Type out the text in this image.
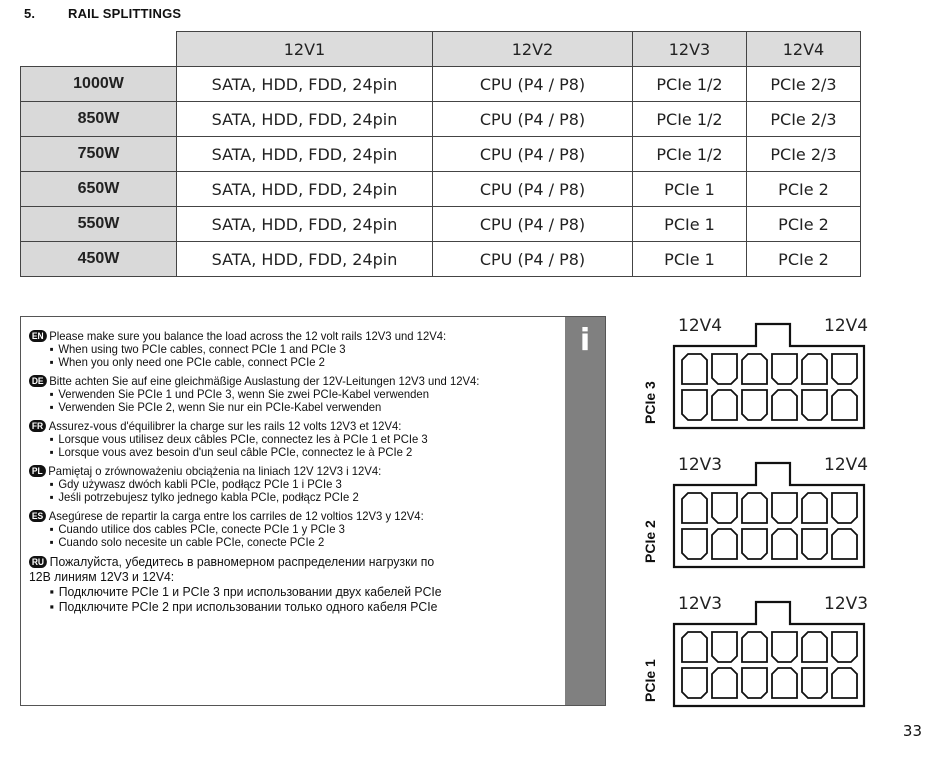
5.	RAIL SPLITTINGS
	12V1	12V2	12V3	12V4
1000W	SATA, HDD, FDD, 24pin	CPU (P4 / P8)	PCIe 1/2	PCIe 2/3
850W	SATA, HDD, FDD, 24pin	CPU (P4 / P8)	PCIe 1/2	PCIe 2/3
750W	SATA, HDD, FDD, 24pin	CPU (P4 / P8)	PCIe 1/2	PCIe 2/3
650W	SATA, HDD, FDD, 24pin	CPU (P4 / P8)	PCIe 1	PCIe 2
550W	SATA, HDD, FDD, 24pin	CPU (P4 / P8)	PCIe 1	PCIe 2
450W	SATA, HDD, FDD, 24pin	CPU (P4 / P8)	PCIe 1	PCIe 2
i
EN Please make sure you balance the load across the 12 volt rails 12V3 und 12V4:
▪ When using two PCIe cables, connect PCIe 1 and PCIe 3
▪ When you only need one PCIe cable, connect PCIe 2
DE Bitte achten Sie auf eine gleichmäßige Auslastung der 12V-Leitungen 12V3 und 12V4:
▪ Verwenden Sie PCIe 1 und PCIe 3, wenn Sie zwei PCIe-Kabel verwenden
▪ Verwenden Sie PCIe 2, wenn Sie nur ein PCIe-Kabel verwenden
FR Assurez-vous d'équilibrer la charge sur les rails 12 volts 12V3 et 12V4:
▪ Lorsque vous utilisez deux câbles PCIe, connectez les à PCIe 1 et PCIe 3
▪ Lorsque vous avez besoin d'un seul câble PCIe, connectez le à PCIe 2
PL Pamiętaj o zrównoważeniu obciążenia na liniach 12V 12V3 i 12V4:
▪ Gdy używasz dwóch kabli PCIe, podłącz PCIe 1 i PCIe 3
▪ Jeśli potrzebujesz tylko jednego kabla PCIe, podłącz PCIe 2
ES Asegúrese de repartir la carga entre los carriles de 12 voltios 12V3 y 12V4:
▪ Cuando utilice dos cables PCIe, conecte PCIe 1 y PCIe 3
▪ Cuando solo necesite un cable PCIe, conecte PCIe 2
RU Пожалуйста, убедитесь в равномерном распределении нагрузки по
12В линиям 12V3 и 12V4:
▪ Подключите PCIe 1 и PCIe 3 при использовании двух кабелей PCIe
▪ Подключите PCIe 2 при использовании только одного кабеля PCIe
12V4	12V4
PCIe 3
12V3	12V4
PCIe 2
12V3	12V3
PCIe 1
33
